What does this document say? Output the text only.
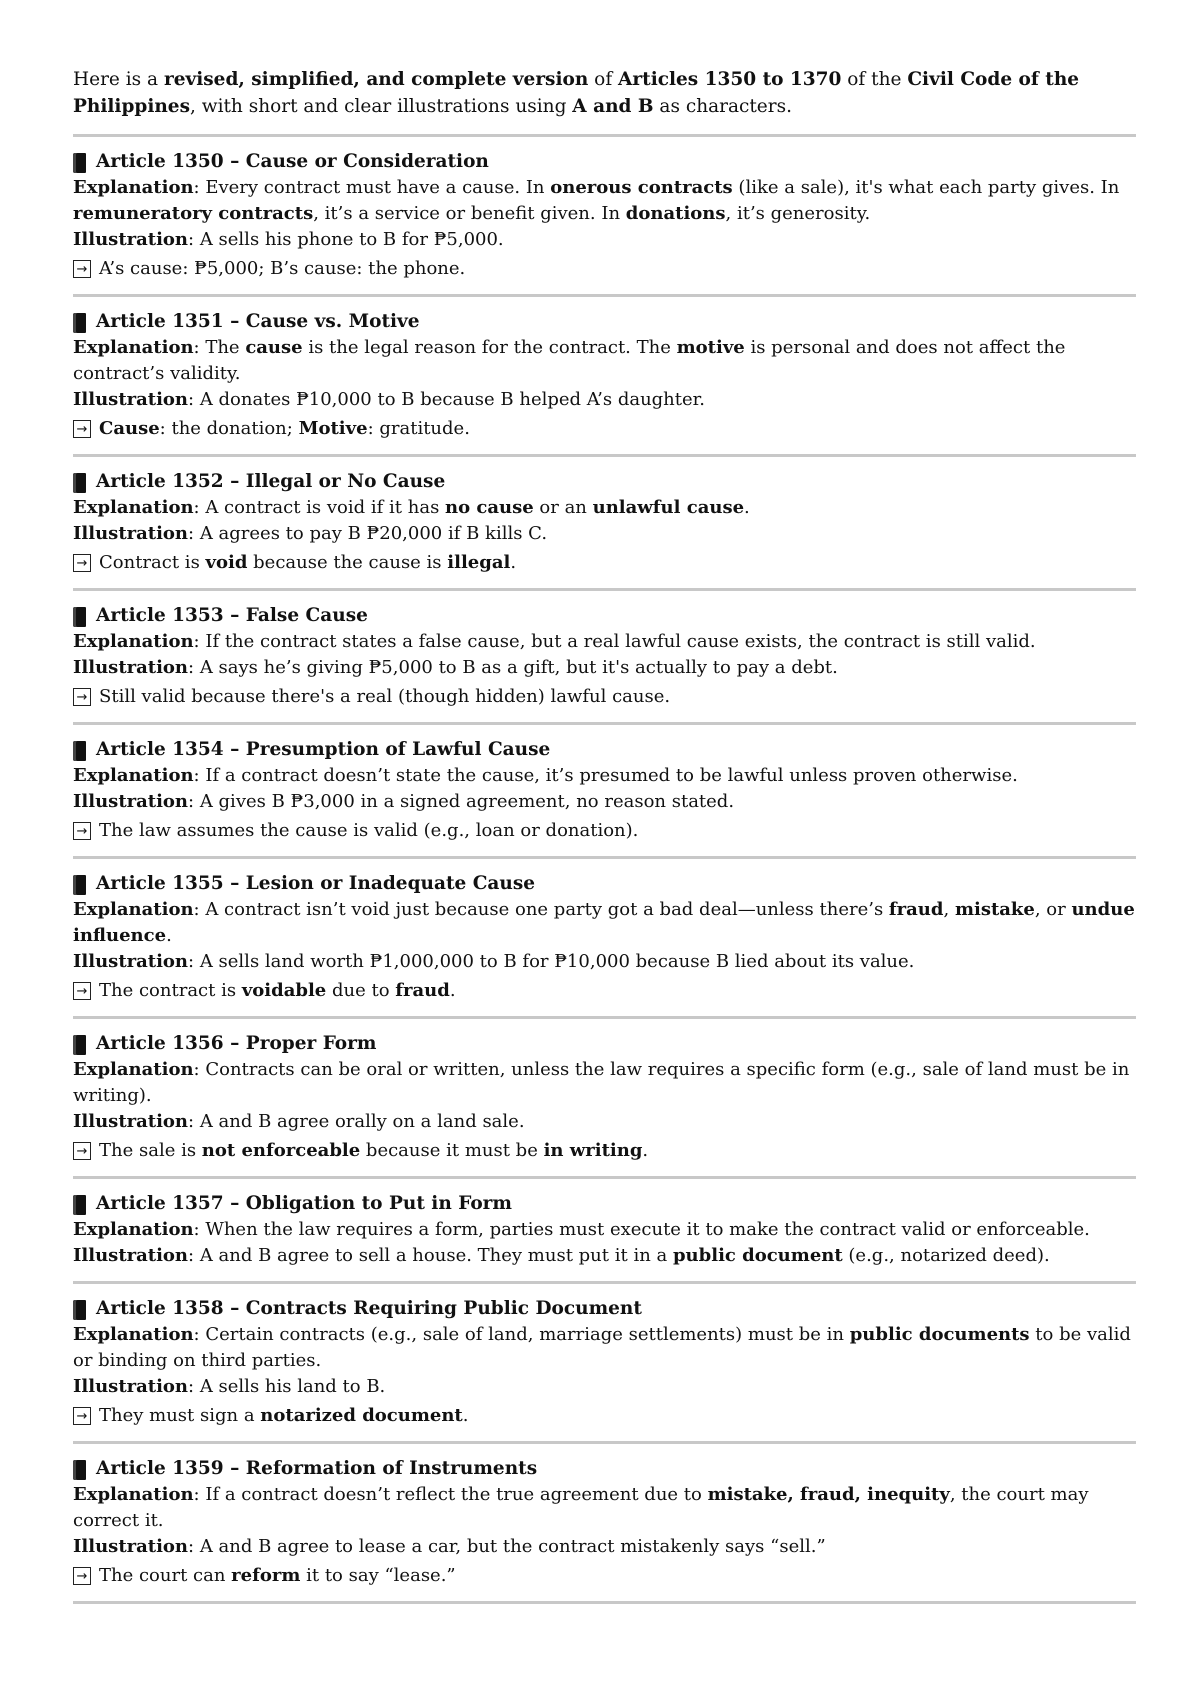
Here is a revised, simplified, and complete version of Articles 1350 to 1370 of the Civil Code of the Philippines, with short and clear illustrations using A and B as characters.

Article 1350 – Cause or Consideration
Explanation: Every contract must have a cause. In onerous contracts (like a sale), it's what each party gives. In remuneratory contracts, it’s a service or benefit given. In donations, it’s generosity.
Illustration: A sells his phone to B for ₱5,000.
→ A’s cause: ₱5,000; B’s cause: the phone.
Article 1351 – Cause vs. Motive
Explanation: The cause is the legal reason for the contract. The motive is personal and does not affect the contract’s validity.
Illustration: A donates ₱10,000 to B because B helped A’s daughter.
→ Cause: the donation; Motive: gratitude.
Article 1352 – Illegal or No Cause
Explanation: A contract is void if it has no cause or an unlawful cause.
Illustration: A agrees to pay B ₱20,000 if B kills C.
→ Contract is void because the cause is illegal.
Article 1353 – False Cause
Explanation: If the contract states a false cause, but a real lawful cause exists, the contract is still valid.
Illustration: A says he’s giving ₱5,000 to B as a gift, but it's actually to pay a debt.
→ Still valid because there's a real (though hidden) lawful cause.
Article 1354 – Presumption of Lawful Cause
Explanation: If a contract doesn’t state the cause, it’s presumed to be lawful unless proven otherwise.
Illustration: A gives B ₱3,000 in a signed agreement, no reason stated.
→ The law assumes the cause is valid (e.g., loan or donation).
Article 1355 – Lesion or Inadequate Cause
Explanation: A contract isn’t void just because one party got a bad deal—unless there’s fraud, mistake, or undue influence.
Illustration: A sells land worth ₱1,000,000 to B for ₱10,000 because B lied about its value.
→ The contract is voidable due to fraud.
Article 1356 – Proper Form
Explanation: Contracts can be oral or written, unless the law requires a specific form (e.g., sale of land must be in writing).
Illustration: A and B agree orally on a land sale.
→ The sale is not enforceable because it must be in writing.
Article 1357 – Obligation to Put in Form
Explanation: When the law requires a form, parties must execute it to make the contract valid or enforceable.
Illustration: A and B agree to sell a house. They must put it in a public document (e.g., notarized deed).
Article 1358 – Contracts Requiring Public Document
Explanation: Certain contracts (e.g., sale of land, marriage settlements) must be in public documents to be valid or binding on third parties.
Illustration: A sells his land to B.
→ They must sign a notarized document.
Article 1359 – Reformation of Instruments
Explanation: If a contract doesn’t reflect the true agreement due to mistake, fraud, inequity, the court may correct it.
Illustration: A and B agree to lease a car, but the contract mistakenly says “sell.”
→ The court can reform it to say “lease.”
